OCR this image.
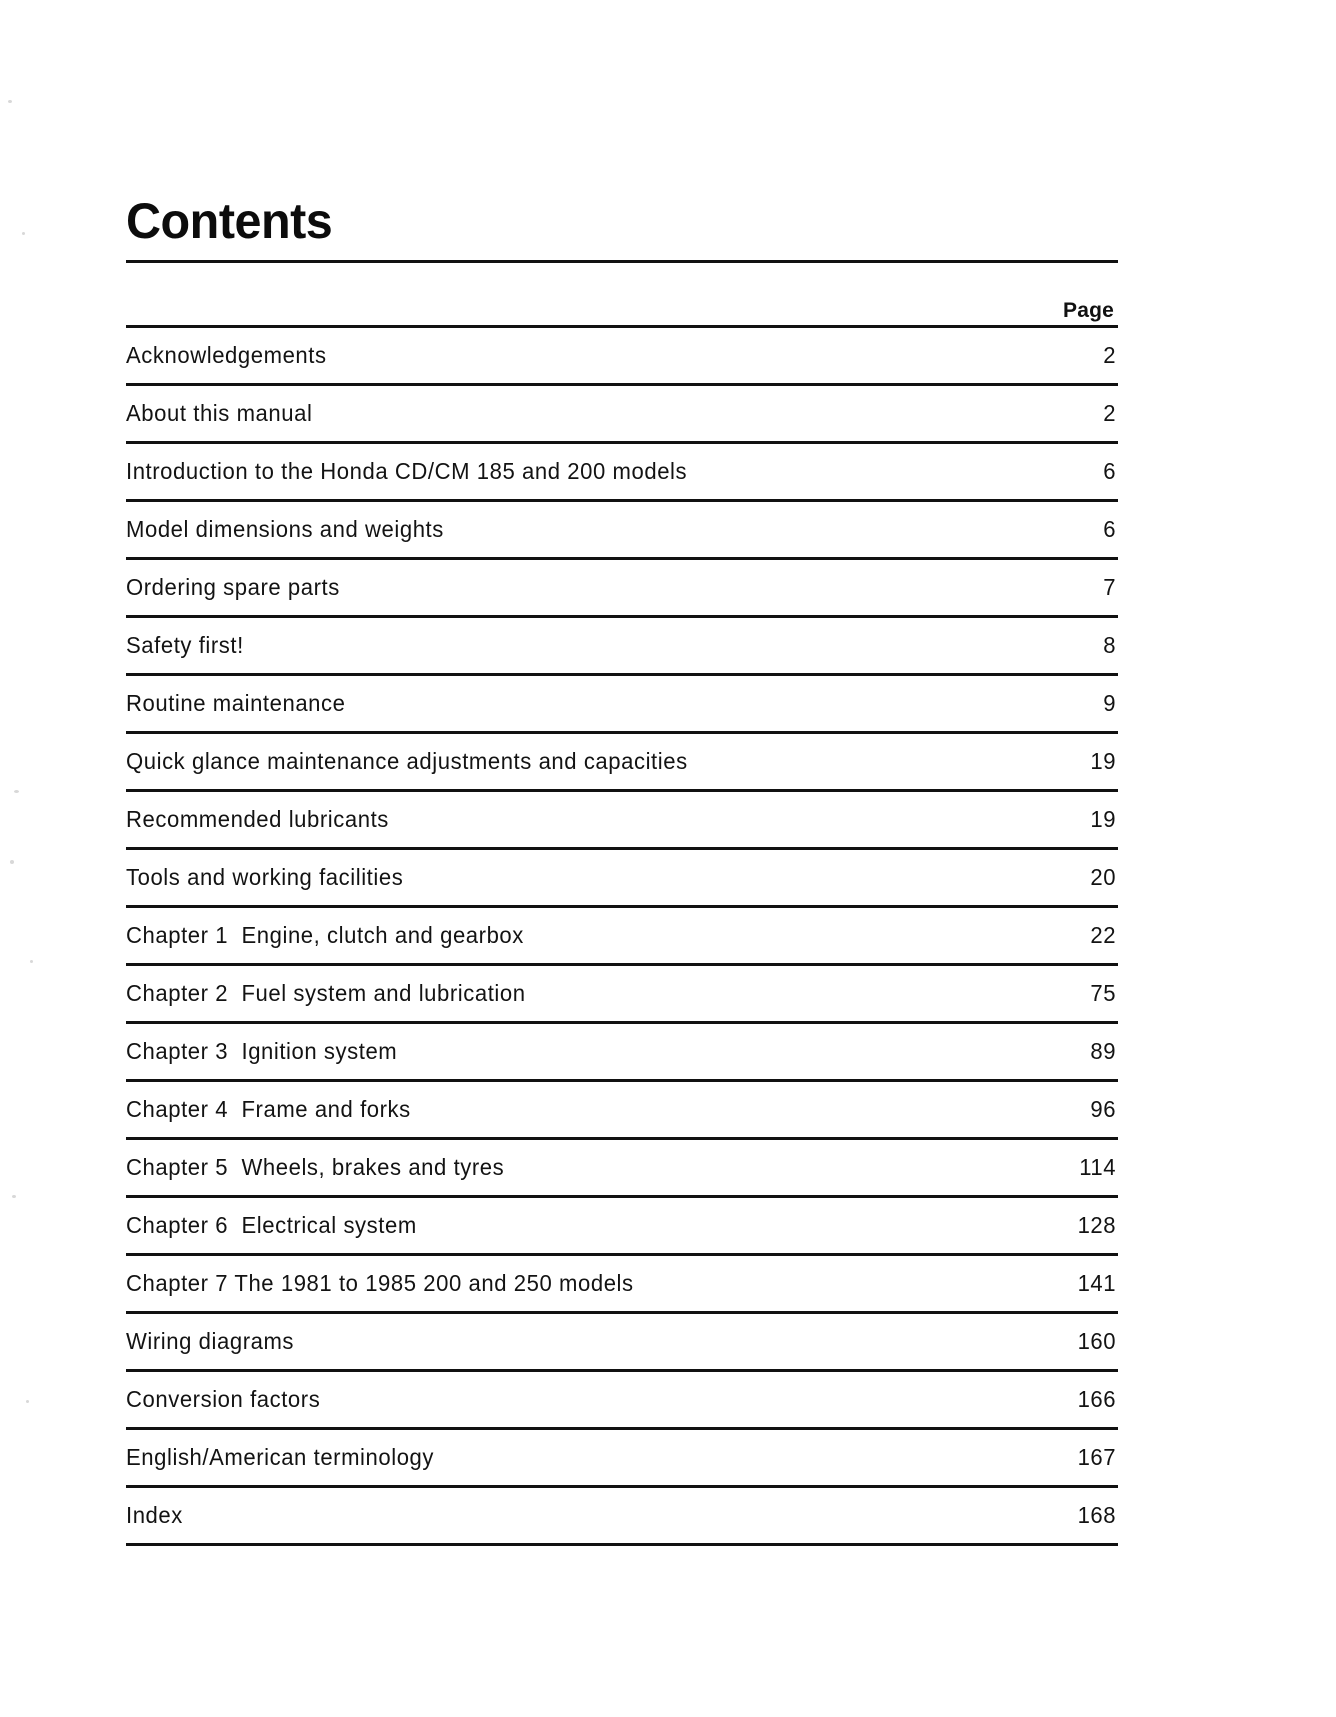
Contents
Page
Acknowledgements	2
About this manual	2
Introduction to the Honda CD/CM 185 and 200 models	6
Model dimensions and weights	6
Ordering spare parts	7
Safety first!	8
Routine maintenance	9
Quick glance maintenance adjustments and capacities	19
Recommended lubricants	19
Tools and working facilities	20
Chapter 1  Engine, clutch and gearbox	22
Chapter 2  Fuel system and lubrication	75
Chapter 3  Ignition system	89
Chapter 4  Frame and forks	96
Chapter 5  Wheels, brakes and tyres	114
Chapter 6  Electrical system	128
Chapter 7 The 1981 to 1985 200 and 250 models	141
Wiring diagrams	160
Conversion factors	166
English/American terminology	167
Index	168
